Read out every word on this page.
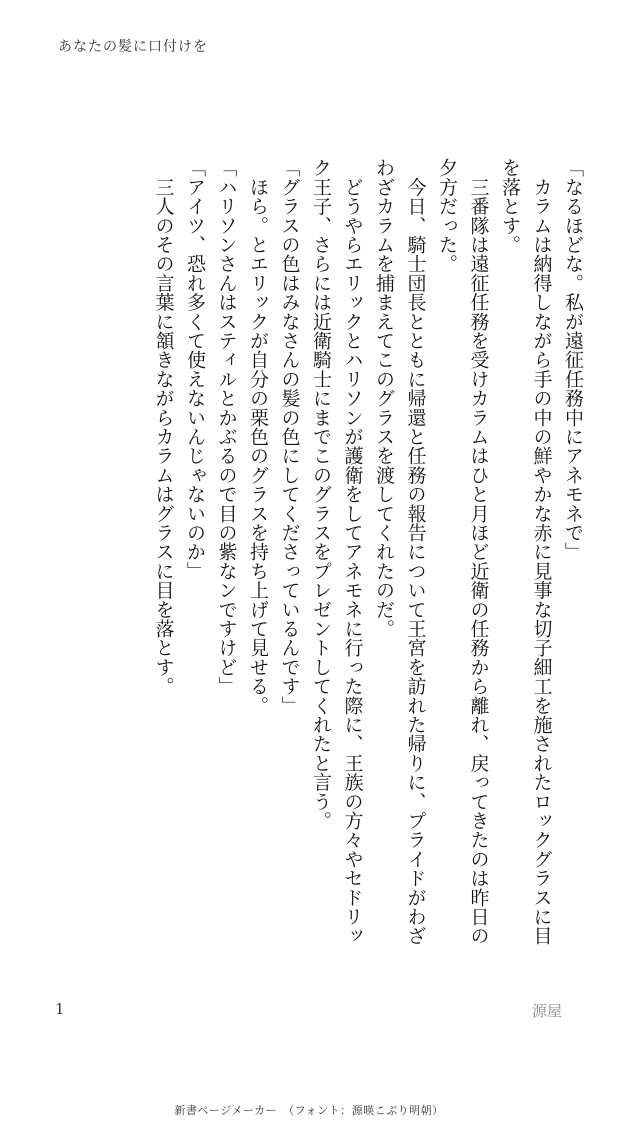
あなたの髪に口付けを

「なるほどな。私が遠征任務中にアネモネで」

　カラムは納得しながら手の中の鮮やかな赤に見事な切子細工を施されたロックグラスに目を落とす。

　三番隊は遠征任務を受けカラムはひと月ほど近衛の任務から離れ、戻ってきたのは昨日の夕方だった。

　今日、騎士団長とともに帰還と任務の報告について王宮を訪れた帰りに、プライドがわざわざカラムを捕まえてこのグラスを渡してくれたのだ。

　どうやらエリックとハリソンが護衛をしてアネモネに行った際に、王族の方々やセドリック王子、さらには近衛騎士にまでこのグラスをプレゼントしてくれたと言う。

「グラスの色はみなさんの髪の色にしてくださっているんです」

　ほら。とエリックが自分の栗色のグラスを持ち上げて見せる。

「ハリソンさんはスティルとかぶるので目の紫なンですけど」

「アイツ、恐れ多くて使えないんじゃないのか」

　三人のその言葉に頷きながらカラムはグラスに目を落とす。

1	源屋
新書ページメーカー　（フォント：源暎こぶり明朝）
